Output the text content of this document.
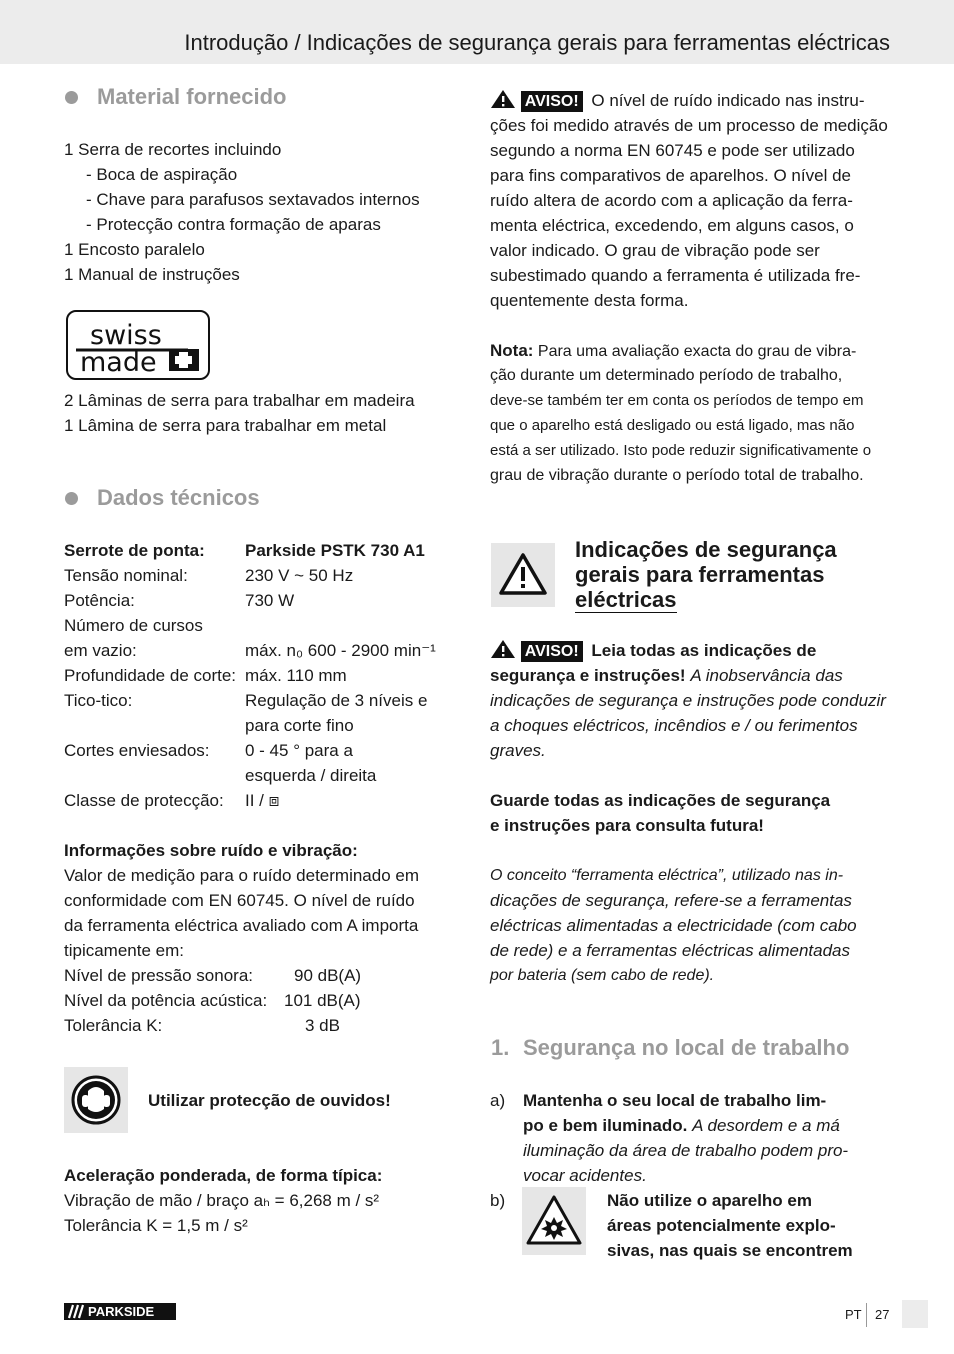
Introdução / Indicações de segurança gerais para ferramentas eléctricas
Material fornecido
1 Serra de recortes incluindo
- Boca de aspiração
- Chave para parafusos sextavados internos
- Protecção contra formação de aparas
1 Encosto paralelo
1 Manual de instruções
swiss
made
2 Lâminas de serra para trabalhar em madeira
1 Lâmina de serra para trabalhar em metal
Dados técnicos
Serrote de ponta: Parkside PSTK 730 A1
Tensão nominal:	230 V ~ 50 Hz
Potência:	730 W
Número de cursos
em vazio:	máx. n₀ 600 - 2900 min⁻¹
Profundidade de corte: máx. 110 mm
Tico-tico:	Regulação de 3 níveis e
para corte fino
Cortes enviesados: 0 - 45 ° para a
esquerda / direita
Classe de protecção: II / ⧈
Informações sobre ruído e vibração:
Valor de medição para o ruído determinado em
conformidade com EN 60745. O nível de ruído
da ferramenta eléctrica avaliado com A importa
tipicamente em:
Nível de pressão sonora: 90 dB(A)
Nível da potência acústica: 101 dB(A)
Tolerância K:	3 dB
Utilizar protecção de ouvidos!
Aceleração ponderada, de forma típica:
Vibração de mão / braço aₕ = 6,268 m / s²
Tolerância K = 1,5 m / s²
AVISO! O nível de ruído indicado nas instru-
ções foi medido através de um processo de medição
segundo a norma EN 60745 e pode ser utilizado
para fins comparativos de aparelhos. O nível de
ruído altera de acordo com a aplicação da ferra-
menta eléctrica, excedendo, em alguns casos, o
valor indicado. O grau de vibração pode ser
subestimado quando a ferramenta é utilizada fre-
quentemente desta forma.
Nota: Para uma avaliação exacta do grau de vibra-
ção durante um determinado período de trabalho,
deve-se também ter em conta os períodos de tempo em
que o aparelho está desligado ou está ligado, mas não
está a ser utilizado. Isto pode reduzir significativamente o
grau de vibração durante o período total de trabalho.
Indicações de segurança
gerais para ferramentas
eléctricas
AVISO! Leia todas as indicações de
segurança e instruções! A inobservância das
indicações de segurança e instruções pode conduzir
a choques eléctricos, incêndios e / ou ferimentos
graves.
Guarde todas as indicações de segurança
e instruções para consulta futura!
O conceito “ferramenta eléctrica”, utilizado nas in-
dicações de segurança, refere-se a ferramentas
eléctricas alimentadas a electricidade (com cabo
de rede) e a ferramentas eléctricas alimentadas
por bateria (sem cabo de rede).
1. Segurança no local de trabalho
a) Mantenha o seu local de trabalho lim-
po e bem iluminado. A desordem e a má
iluminação da área de trabalho podem pro-
vocar acidentes.
b)	Não utilize o aparelho em
áreas potencialmente explo-
sivas, nas quais se encontrem
PARKSIDE	PT 27
